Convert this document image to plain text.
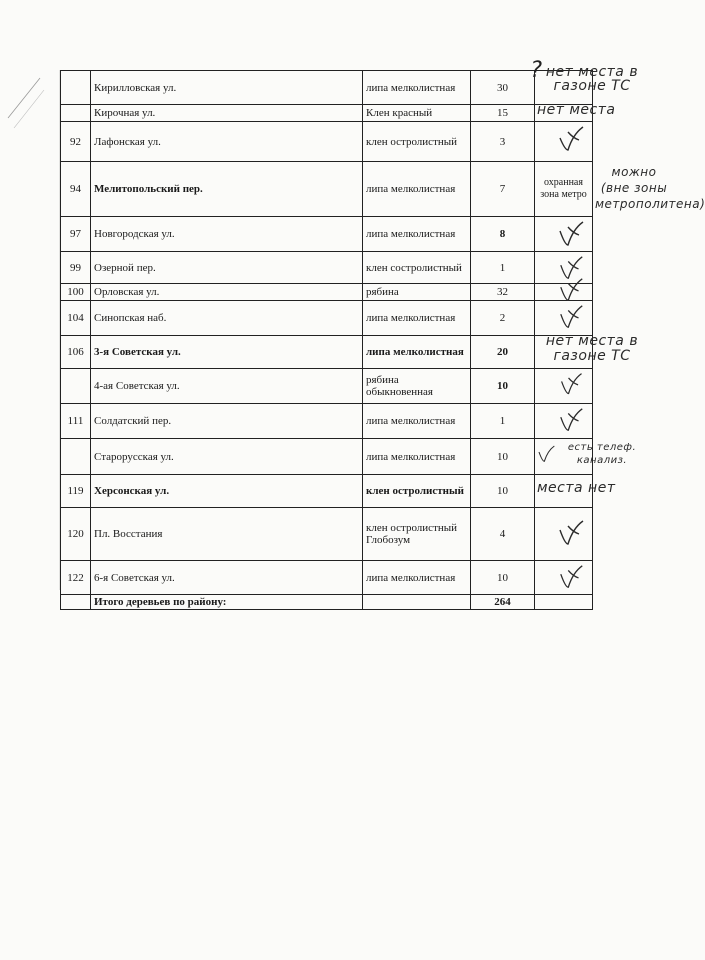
	Кирилловская ул.	липа мелколистная	30
?	нет места в газоне ТС

	Кирочная ул.	Клен красный	15	нет места

92	Лафонская ул.	клен остролистный	3	

94	Мелитопольский пер.	липа мелколистная	7	охранная зона метро
можно (вне зоны метрополитена)

97	Новгородская ул.	липа мелколистная	8	

99	Озерной пер.	клен состролистный	1	

100	Орловская ул.	рябина	32	

104	Синопская наб.	липа мелколистная	2	

106	3-я Советская ул.	липа мелколистная	20	нет места в газоне ТС

	4-ая Советская ул.	рябина обыкновенная	10	

111	Солдатский пер.	липа мелколистная	1	

	Старорусская ул.	липа мелколистная	10	есть телеф. канализ.

119	Херсонская ул.	клен остролистный	10	места нет

120	Пл. Восстания	клен остролистный Глобозум	4	

122	6-я Советская ул.	липа мелколистная	10	

	Итого деревьев по району:		264	
